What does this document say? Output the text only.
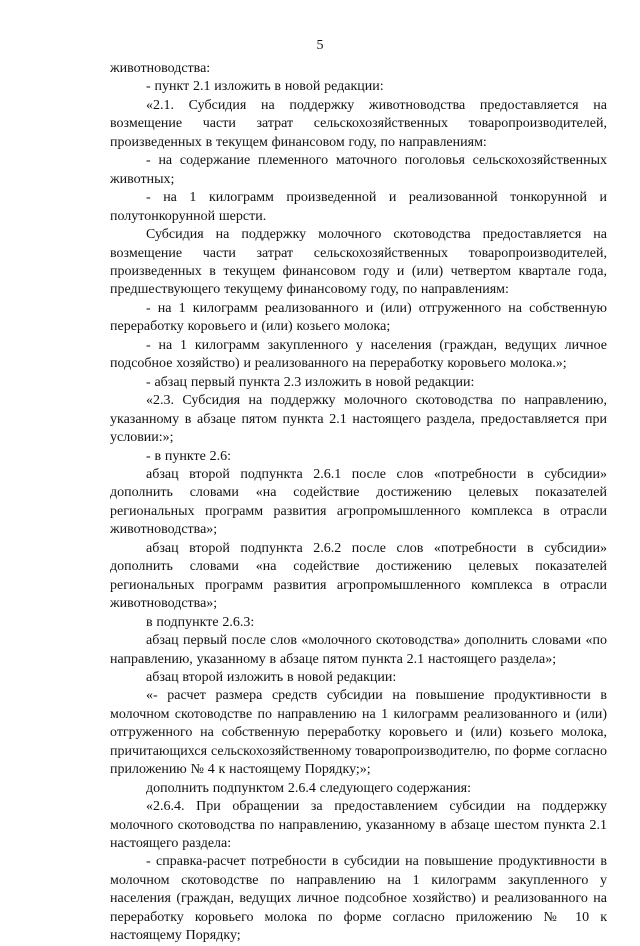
5

животноводства:

- пункт 2.1 изложить в новой редакции:

«2.1. Субсидия на поддержку животноводства предоставляется на возмещение части затрат сельскохозяйственных товаропроизводителей, произведенных в текущем финансовом году, по направлениям:

- на содержание племенного маточного поголовья сельскохозяйственных животных;

- на 1 килограмм произведенной и реализованной тонкорунной и полутонкорунной шерсти.

Субсидия на поддержку молочного скотоводства предоставляется на возмещение части затрат сельскохозяйственных товаропроизводителей, произведенных в текущем финансовом году и (или) четвертом квартале года, предшествующего текущему финансовому году, по направлениям:

- на 1 килограмм реализованного и (или) отгруженного на собственную переработку коровьего и (или) козьего молока;

- на 1 килограмм закупленного у населения (граждан, ведущих личное подсобное хозяйство) и реализованного на переработку коровьего молока.»;

- абзац первый пункта 2.3 изложить в новой редакции:

«2.3. Субсидия на поддержку молочного скотоводства по направлению, указанному в абзаце пятом пункта 2.1 настоящего раздела, предоставляется при условии:»;

- в пункте 2.6:

абзац второй подпункта 2.6.1 после слов «потребности в субсидии» дополнить словами «на содействие достижению целевых показателей региональных программ развития агропромышленного комплекса в отрасли животноводства»;

абзац второй подпункта 2.6.2 после слов «потребности в субсидии» дополнить словами «на содействие достижению целевых показателей региональных программ развития агропромышленного комплекса в отрасли животноводства»;

в подпункте 2.6.3:

абзац первый после слов «молочного скотоводства» дополнить словами «по направлению, указанному в абзаце пятом пункта 2.1 настоящего раздела»;

абзац второй изложить в новой редакции:

«- расчет размера средств субсидии на повышение продуктивности в молочном скотоводстве по направлению на 1 килограмм реализованного и (или) отгруженного на собственную переработку коровьего и (или) козьего молока, причитающихся сельскохозяйственному товаропроизводителю, по форме согласно приложению № 4 к настоящему Порядку;»;

дополнить подпунктом 2.6.4 следующего содержания:

«2.6.4. При обращении за предоставлением субсидии на поддержку молочного скотоводства по направлению, указанному в абзаце шестом пункта 2.1 настоящего раздела:

- справка-расчет потребности в субсидии на повышение продуктивности в молочном скотоводстве по направлению на 1 килограмм закупленного у населения (граждан, ведущих личное подсобное хозяйство) и реализованного на переработку коровьего молока по форме согласно приложению № 10 к настоящему Порядку;
